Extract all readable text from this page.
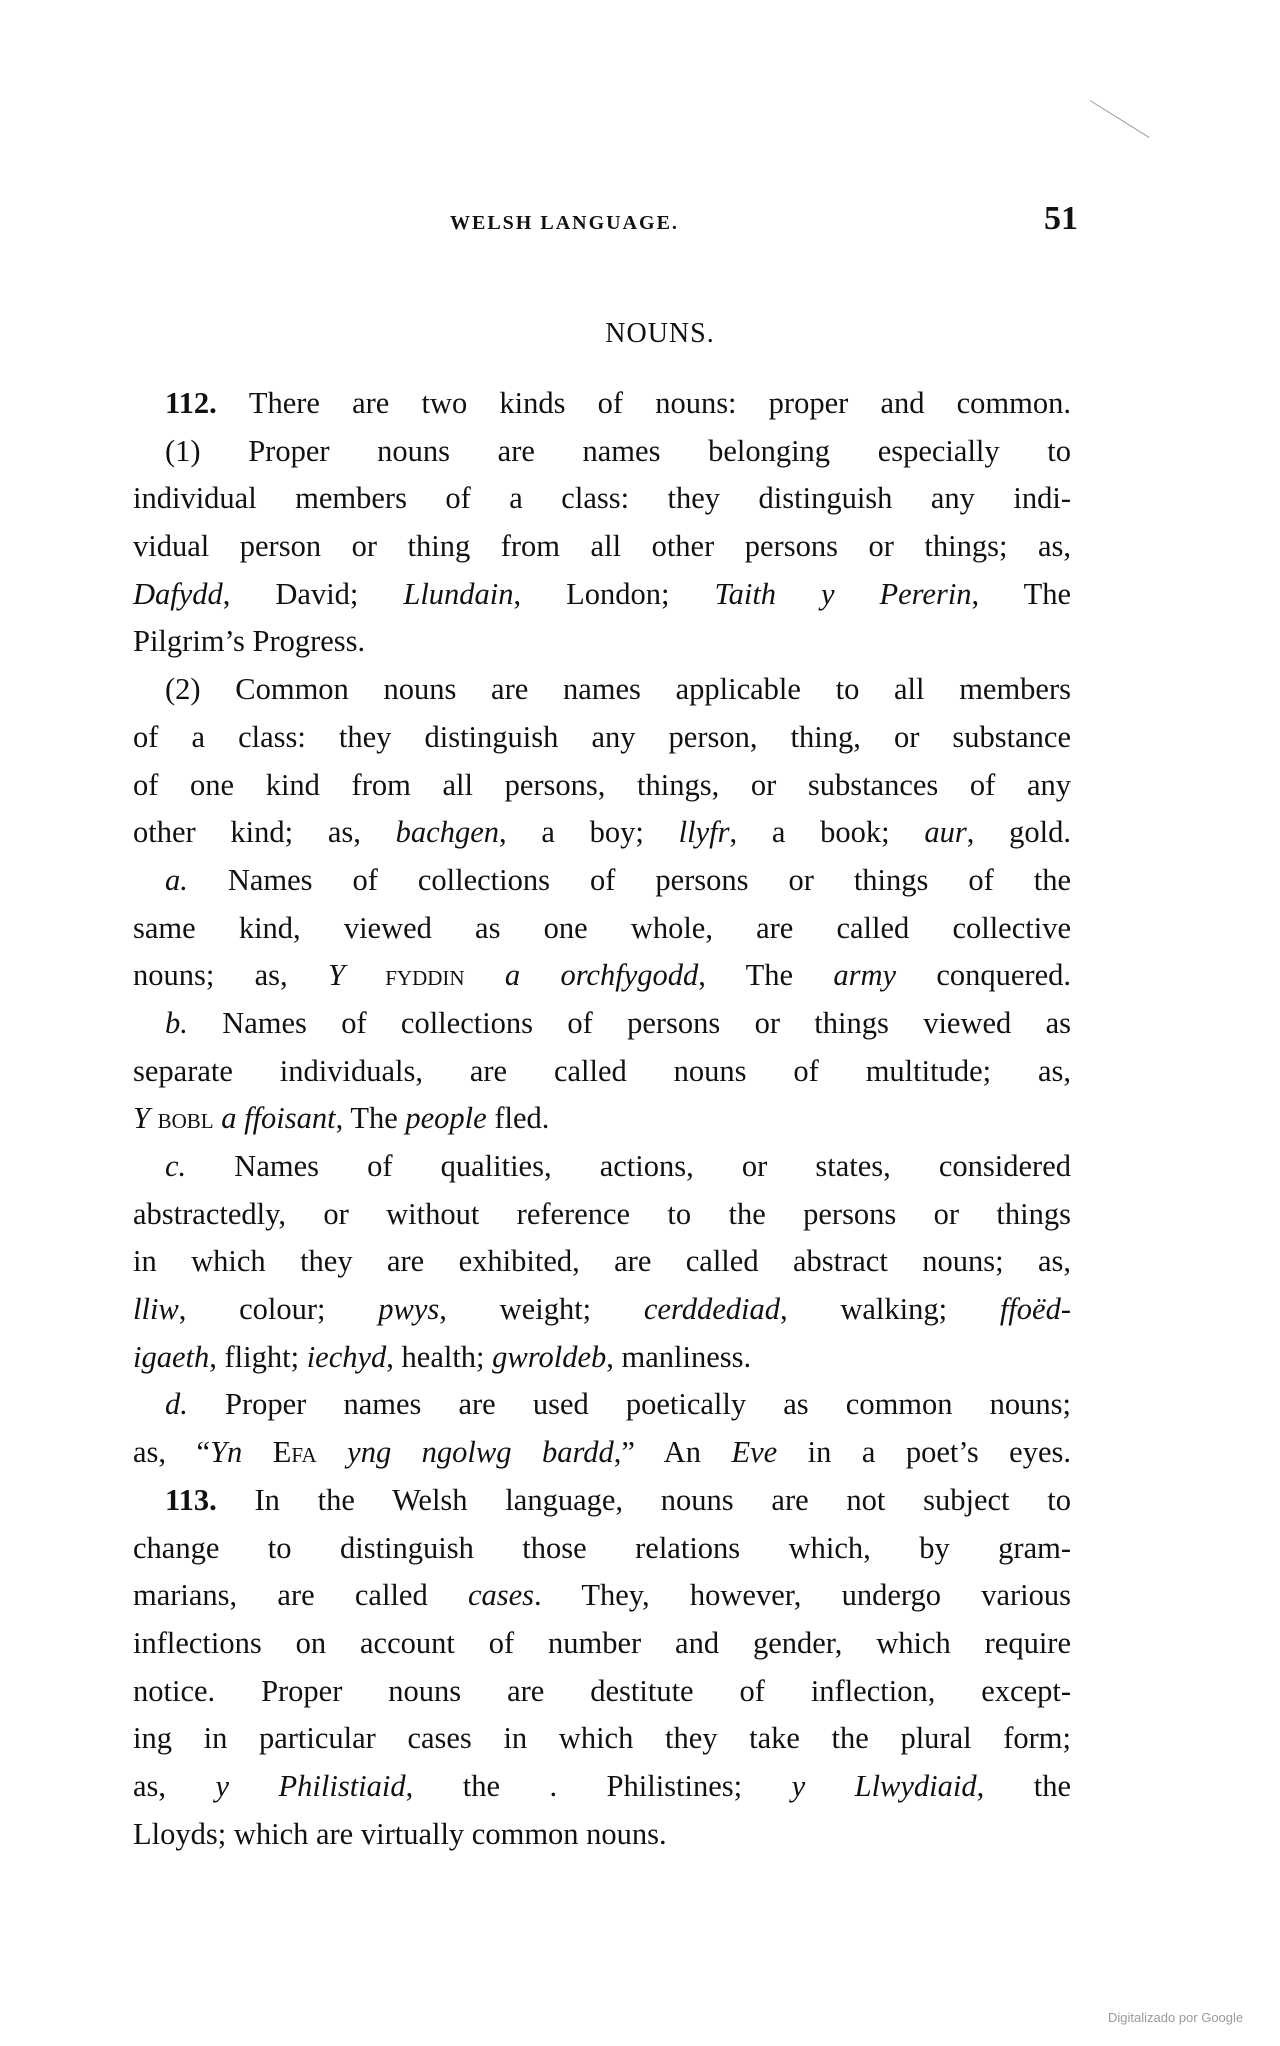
WELSH LANGUAGE.	51
NOUNS.
112. There are two kinds of nouns: proper and common.
(1) Proper nouns are names belonging especially to
individual members of a class: they distinguish any indi-
vidual person or thing from all other persons or things; as,
Dafydd, David; Llundain, London; Taith y Pererin, The
Pilgrim’s Progress.
(2) Common nouns are names applicable to all members
of a class: they distinguish any person, thing, or substance
of one kind from all persons, things, or substances of any
other kind; as, bachgen, a boy; llyfr, a book; aur, gold.
a. Names of collections of persons or things of the
same kind, viewed as one whole, are called collective
nouns; as, Y fyddin a orchfygodd, The army conquered.
b. Names of collections of persons or things viewed as
separate individuals, are called nouns of multitude; as,
Y bobl a ffoisant, The people fled.
c. Names of qualities, actions, or states, considered
abstractedly, or without reference to the persons or things
in which they are exhibited, are called abstract nouns; as,
lliw, colour; pwys, weight; cerddediad, walking; ffoëd-
igaeth, flight; iechyd, health; gwroldeb, manliness.
d. Proper names are used poetically as common nouns;
as, “Yn Efa yng ngolwg bardd,” An Eve in a poet’s eyes.
113. In the Welsh language, nouns are not subject to
change to distinguish those relations which, by gram-
marians, are called cases. They, however, undergo various
inflections on account of number and gender, which require
notice. Proper nouns are destitute of inflection, except-
ing in particular cases in which they take the plural form;
as, y Philistiaid, the . Philistines; y Llwydiaid, the
Lloyds; which are virtually common nouns.
Digitalizado por Google
